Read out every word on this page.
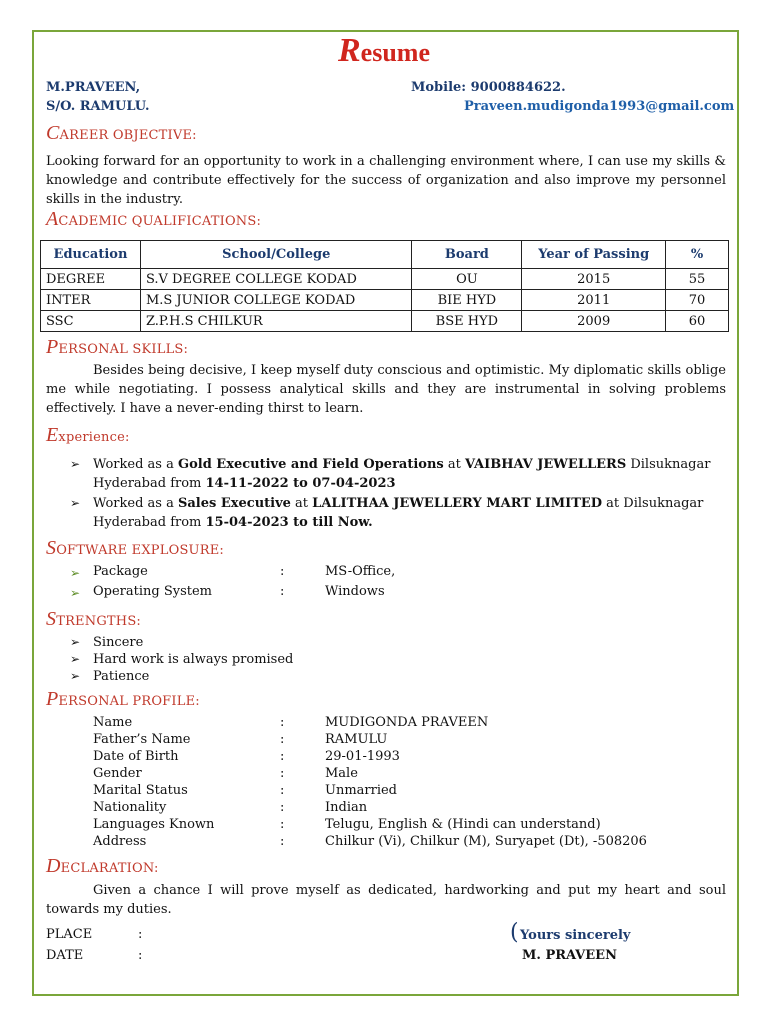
Resume
M.PRAVEEN,
S/O. RAMULU.
Mobile: 9000884622.
Praveen.mudigonda1993@gmail.com
CAREER OBJECTIVE:
Looking forward for an opportunity to work in a challenging environment where, I can use my skills & knowledge and contribute effectively for the success of organization and also improve my personnel skills in the industry.
ACADEMIC QUALIFICATIONS:
Education	School/College	Board	Year of Passing	%
DEGREE	S.V DEGREE COLLEGE KODAD	OU	2015	55
INTER	M.S JUNIOR COLLEGE KODAD	BIE HYD	2011	70
SSC	Z.P.H.S CHILKUR	BSE HYD	2009	60
PERSONAL SKILLS:
Besides being decisive, I keep myself duty conscious and optimistic. My diplomatic skills oblige me while negotiating. I possess analytical skills and they are instrumental in solving problems effectively. I have a never-ending thirst to learn.
Experience:
➢ Worked as a Gold Executive and Field Operations at VAIBHAV JEWELLERS Dilsuknagar
Hyderabad from 14-11-2022 to 07-04-2023
➢ Worked as a Sales Executive at LALITHAA JEWELLERY MART LIMITED at Dilsuknagar
Hyderabad from 15-04-2023 to till Now.
SOFTWARE EXPLOSURE:
➢ Package	:	MS-Office,
➢ Operating System	:	Windows
STRENGTHS:
➢ Sincere
➢ Hard work is always promised
➢ Patience
PERSONAL PROFILE:
Name	:	MUDIGONDA PRAVEEN
Father’s Name	:	RAMULU
Date of Birth	:	29-01-1993
Gender	:	Male
Marital Status	:	Unmarried
Nationality	:	Indian
Languages Known	:	Telugu, English & (Hindi can understand)
Address	:	Chilkur (Vi), Chilkur (M), Suryapet (Dt), -508206
DECLARATION:
Given a chance I will prove myself as dedicated, hardworking and put my heart and soul towards my duties.
PLACE	:
DATE	:
( Yours sincerely
M. PRAVEEN
